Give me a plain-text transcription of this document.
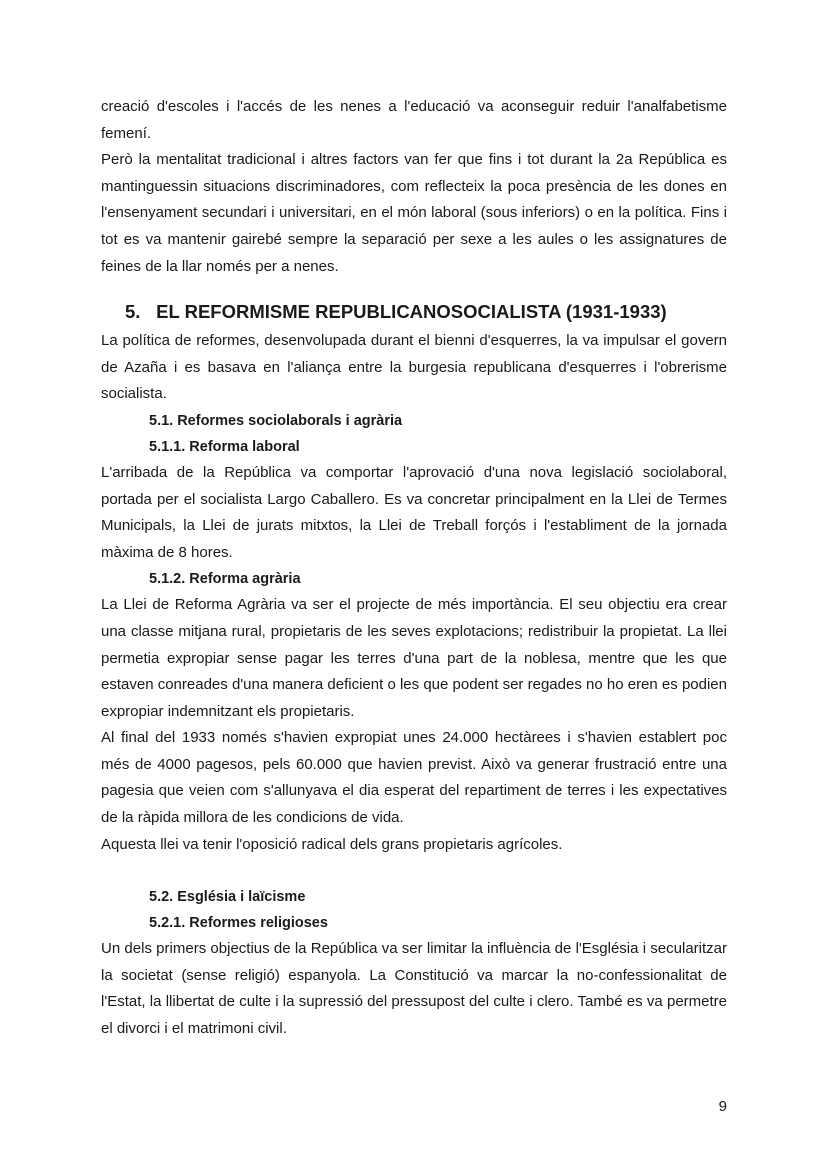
creació d'escoles i l'accés de les nenes a l'educació va aconseguir reduir l'analfabetisme femení.

Però la mentalitat tradicional i altres factors van fer que fins i tot durant la 2a República es mantinguessin situacions discriminadores, com reflecteix la poca presència de les dones en l'ensenyament secundari i universitari, en el món laboral (sous inferiors) o en la política. Fins i tot es va mantenir gairebé sempre la separació per sexe a les aules o les assignatures de feines de la llar només per a nenes.

5. EL REFORMISME REPUBLICANOSOCIALISTA (1931-1933)

La política de reformes, desenvolupada durant el bienni d'esquerres, la va impulsar el govern de Azaña i es basava en l'aliança entre la burgesia republicana d'esquerres i l'obrerisme socialista.

5.1. Reformes sociolaborals i agrària
5.1.1. Reforma laboral

L'arribada de la República va comportar l'aprovació d'una nova legislació sociolaboral, portada per el socialista Largo Caballero. Es va concretar principalment en la Llei de Termes Municipals, la Llei de jurats mitxtos, la Llei de Treball forçós i l'establiment de la jornada màxima de 8 hores.

5.1.2. Reforma agrària

La Llei de Reforma Agrària va ser el projecte de més importància. El seu objectiu era crear una classe mitjana rural, propietaris de les seves explotacions; redistribuir la propietat. La llei permetia expropiar sense pagar les terres d'una part de la noblesa, mentre que les que estaven conreades d'una manera deficient o les que podent ser regades no ho eren es podien expropiar indemnitzant els propietaris.

Al final del 1933 només s'havien expropiat unes 24.000 hectàrees i s'havien establert poc més de 4000 pagesos, pels 60.000 que havien previst. Això va generar frustració entre una pagesia que veien com s'allunyava el dia esperat del repartiment de terres i les expectatives de la ràpida millora de les condicions de vida.

Aquesta llei va tenir l'oposició radical dels grans propietaris agrícoles.

5.2. Església i laïcisme
5.2.1. Reformes religioses

Un dels primers objectius de la República va ser limitar la influència de l'Església i secularitzar la societat (sense religió) espanyola. La Constitució va marcar la no-confessionalitat de l'Estat, la llibertat de culte i la supressió del pressupost del culte i clero. També es va permetre el divorci i el matrimoni civil.

9
